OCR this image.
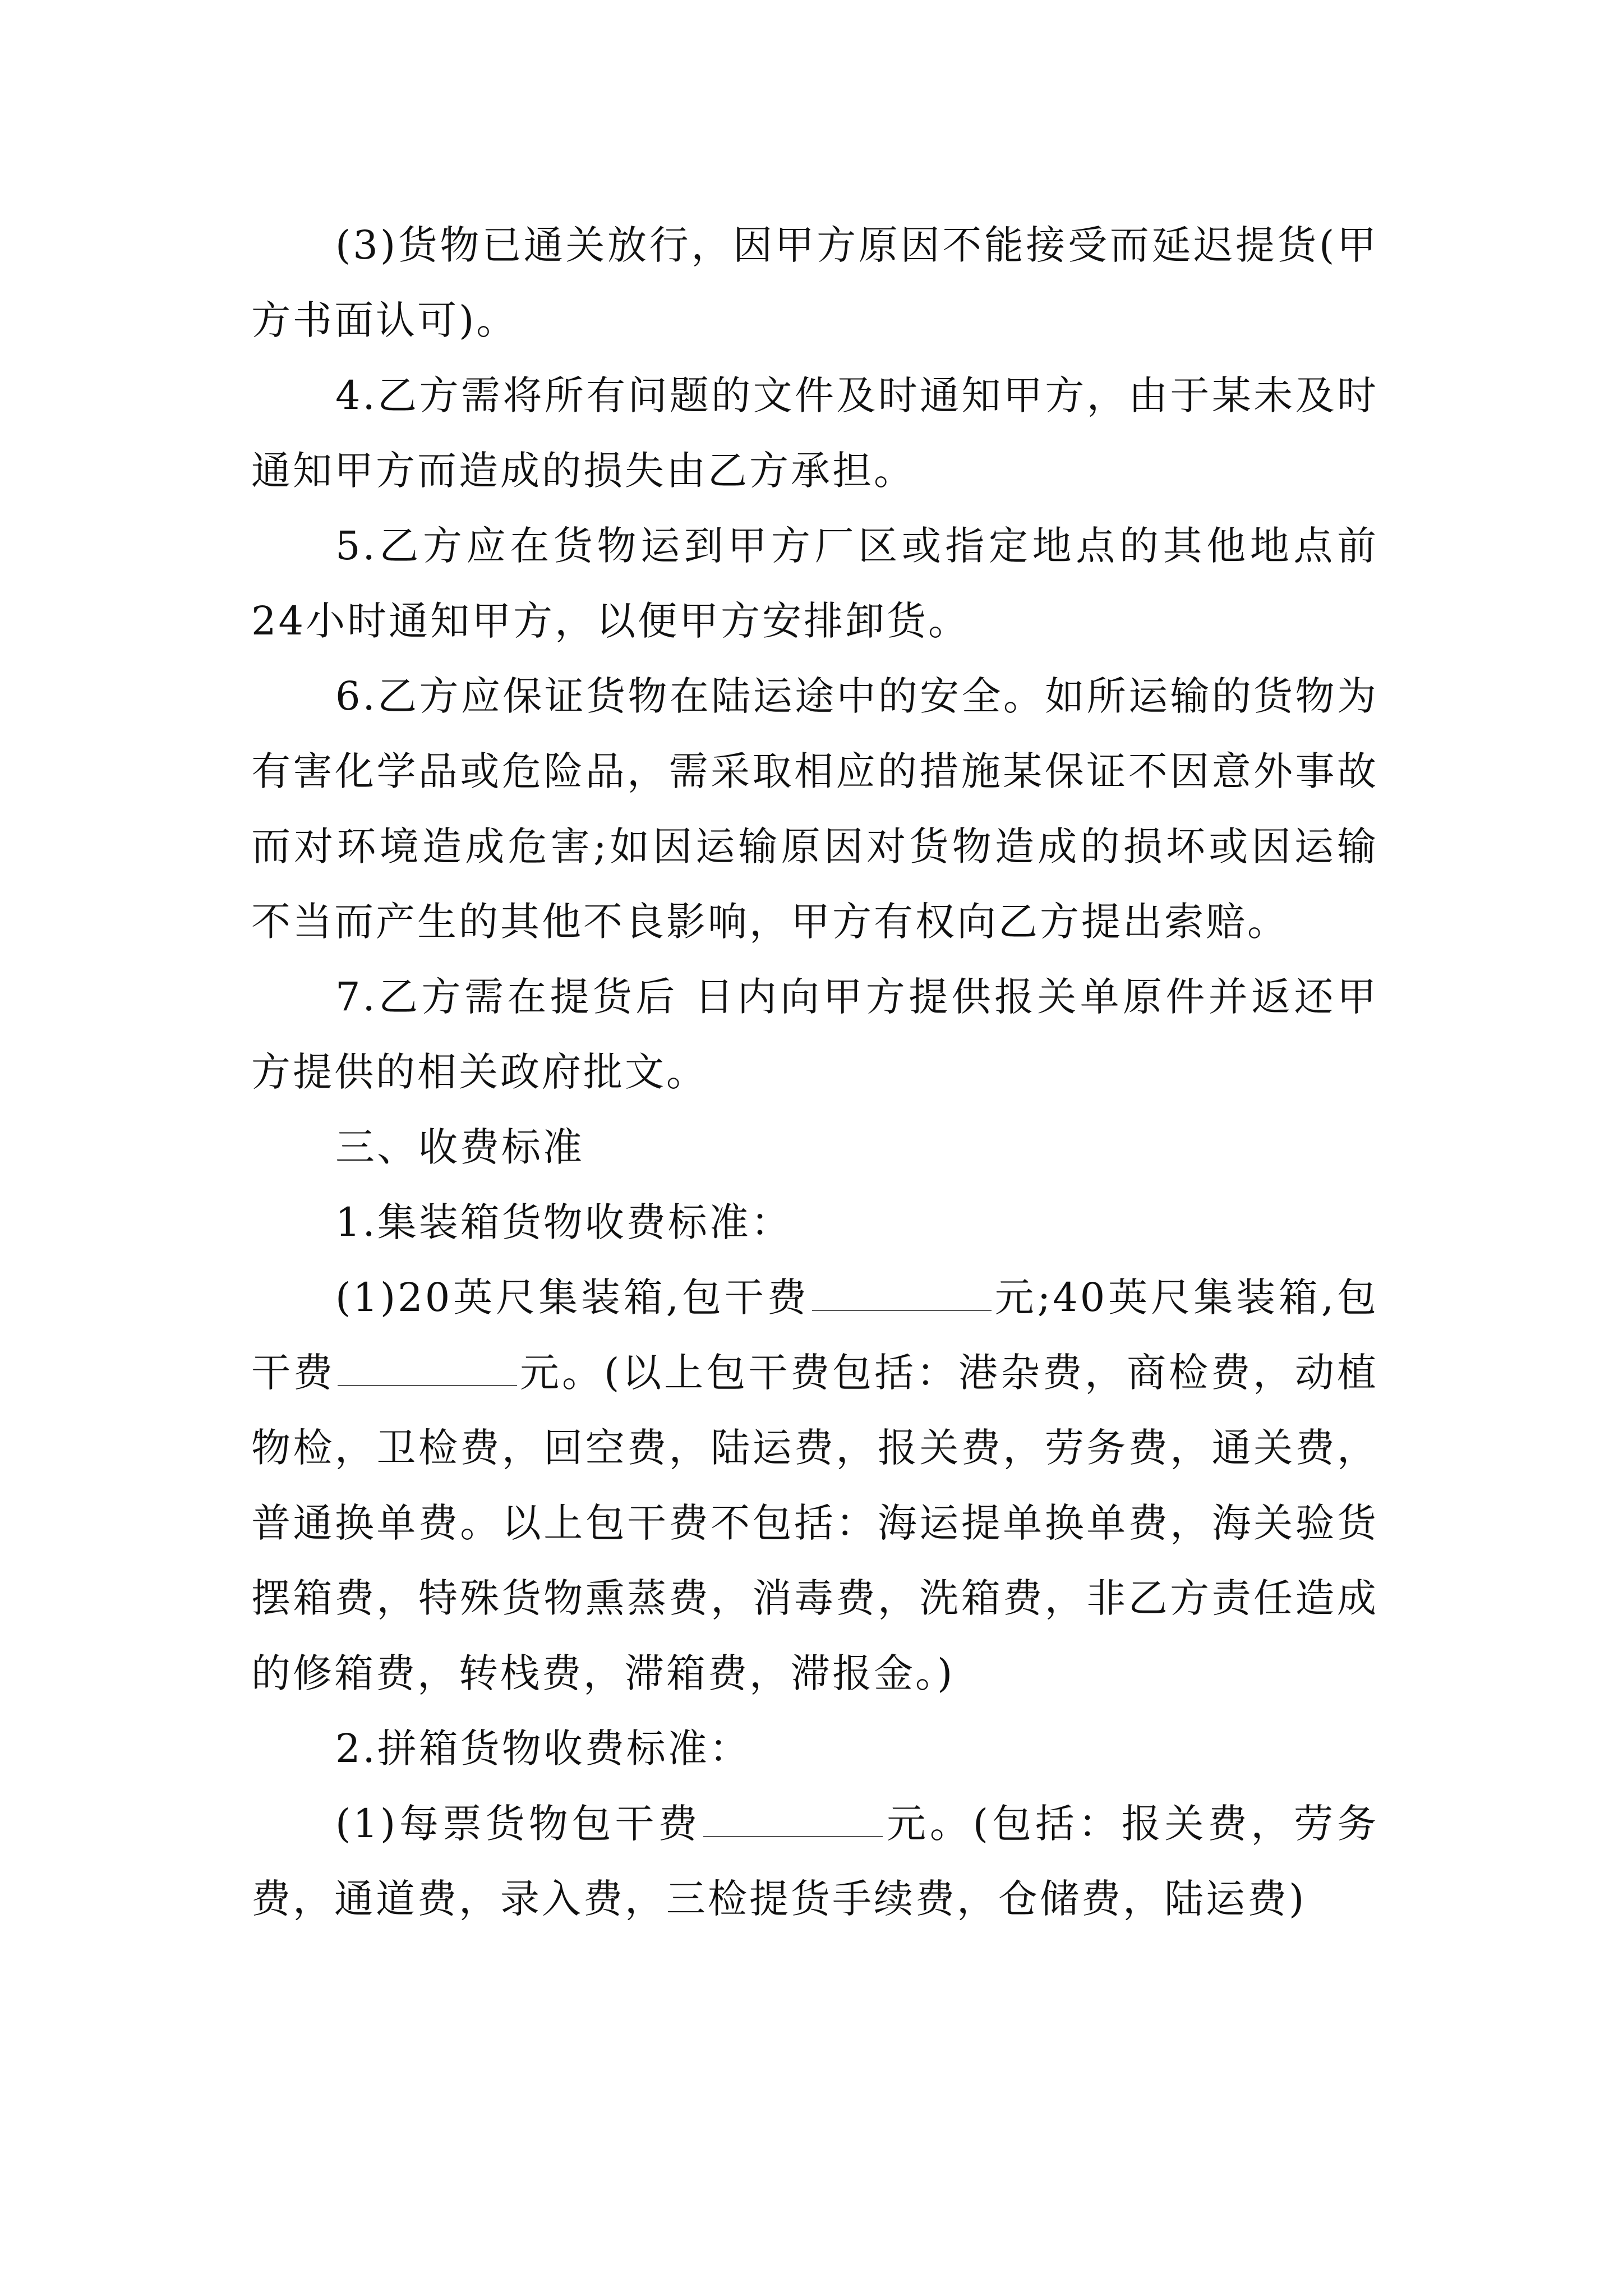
(3)货物已通关放行，因甲方原因不能接受而延迟提货(甲方书面认可)。

4.乙方需将所有问题的文件及时通知甲方，由于某未及时通知甲方而造成的损失由乙方承担。

5.乙方应在货物运到甲方厂区或指定地点的其他地点前24小时通知甲方，以便甲方安排卸货。

6.乙方应保证货物在陆运途中的安全。如所运输的货物为有害化学品或危险品，需采取相应的措施某保证不因意外事故而对环境造成危害;如因运输原因对货物造成的损坏或因运输不当而产生的其他不良影响，甲方有权向乙方提出索赔。

7.乙方需在提货后 日内向甲方提供报关单原件并返还甲方提供的相关政府批文。

三、收费标准

1.集装箱货物收费标准：

(1)20英尺集装箱,包干费	元;40英尺集装箱,包干费	元。(以上包干费包括：港杂费，商检费，动植物检，卫检费，回空费，陆运费，报关费，劳务费，通关费，普通换单费。以上包干费不包括：海运提单换单费，海关验货摆箱费，特殊货物熏蒸费，消毒费，洗箱费，非乙方责任造成的修箱费，转栈费，滞箱费，滞报金。)

2.拼箱货物收费标准：

(1)每票货物包干费	元。(包括：报关费，劳务费，通道费，录入费，三检提货手续费，仓储费，陆运费)
